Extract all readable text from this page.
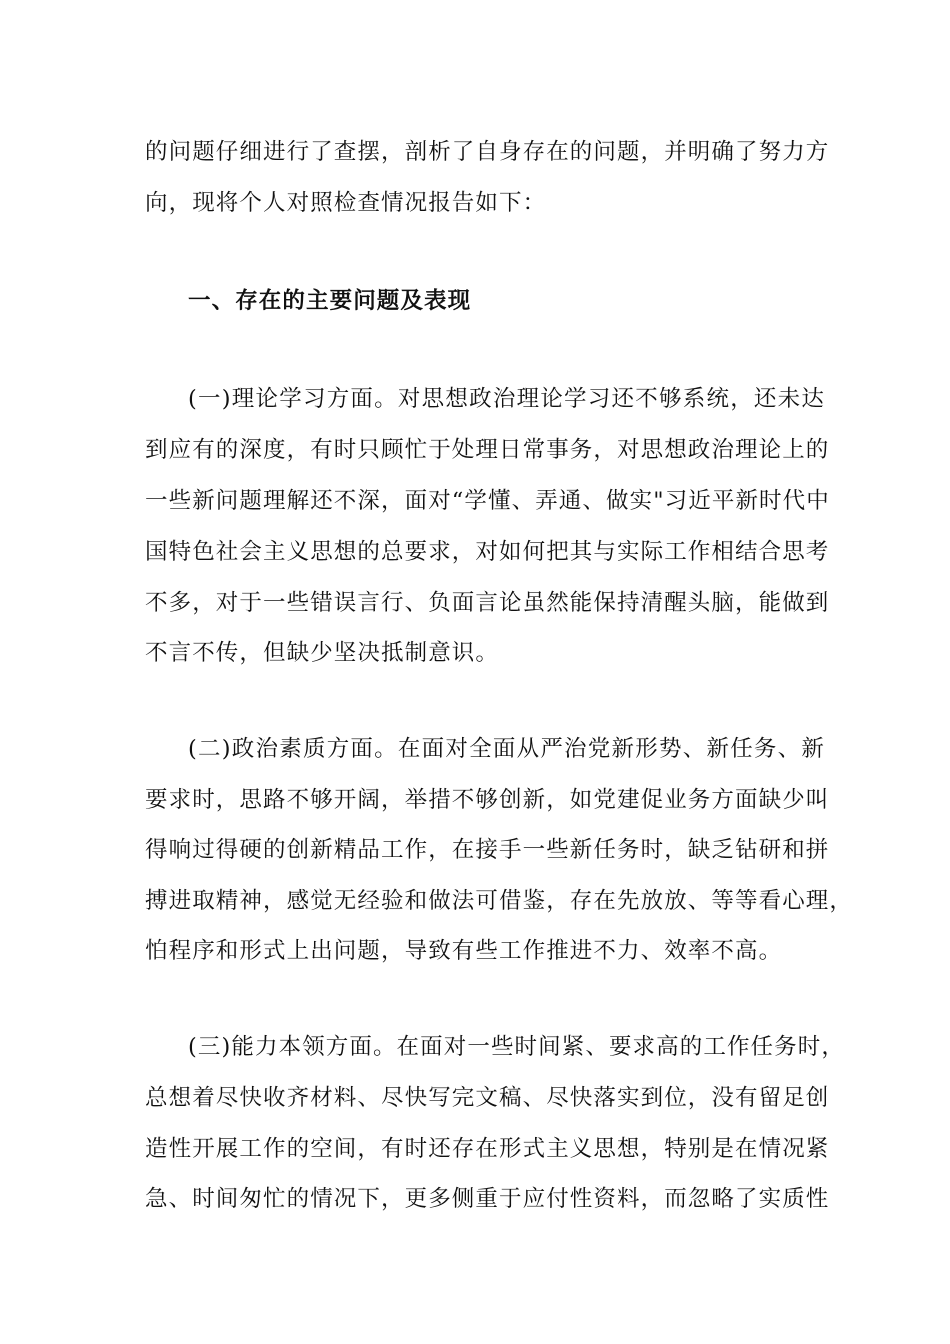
的问题仔细进行了查摆，剖析了自身存在的问题，并明确了努力方
向，现将个人对照检查情况报告如下：
一、存在的主要问题及表现
(一)理论学习方面。对思想政治理论学习还不够系统，还未达
到应有的深度，有时只顾忙于处理日常事务，对思想政治理论上的
一些新问题理解还不深，面对“学懂、弄通、做实"习近平新时代中
国特色社会主义思想的总要求，对如何把其与实际工作相结合思考
不多，对于一些错误言行、负面言论虽然能保持清醒头脑，能做到
不言不传，但缺少坚决抵制意识。
(二)政治素质方面。在面对全面从严治党新形势、新任务、新
要求时，思路不够开阔，举措不够创新，如党建促业务方面缺少叫
得响过得硬的创新精品工作，在接手一些新任务时，缺乏钻研和拼
搏进取精神，感觉无经验和做法可借鉴，存在先放放、等等看心理，
怕程序和形式上出问题，导致有些工作推进不力、效率不高。
(三)能力本领方面。在面对一些时间紧、要求高的工作任务时，
总想着尽快收齐材料、尽快写完文稿、尽快落实到位，没有留足创
造性开展工作的空间，有时还存在形式主义思想，特别是在情况紧
急、时间匆忙的情况下，更多侧重于应付性资料，而忽略了实质性
